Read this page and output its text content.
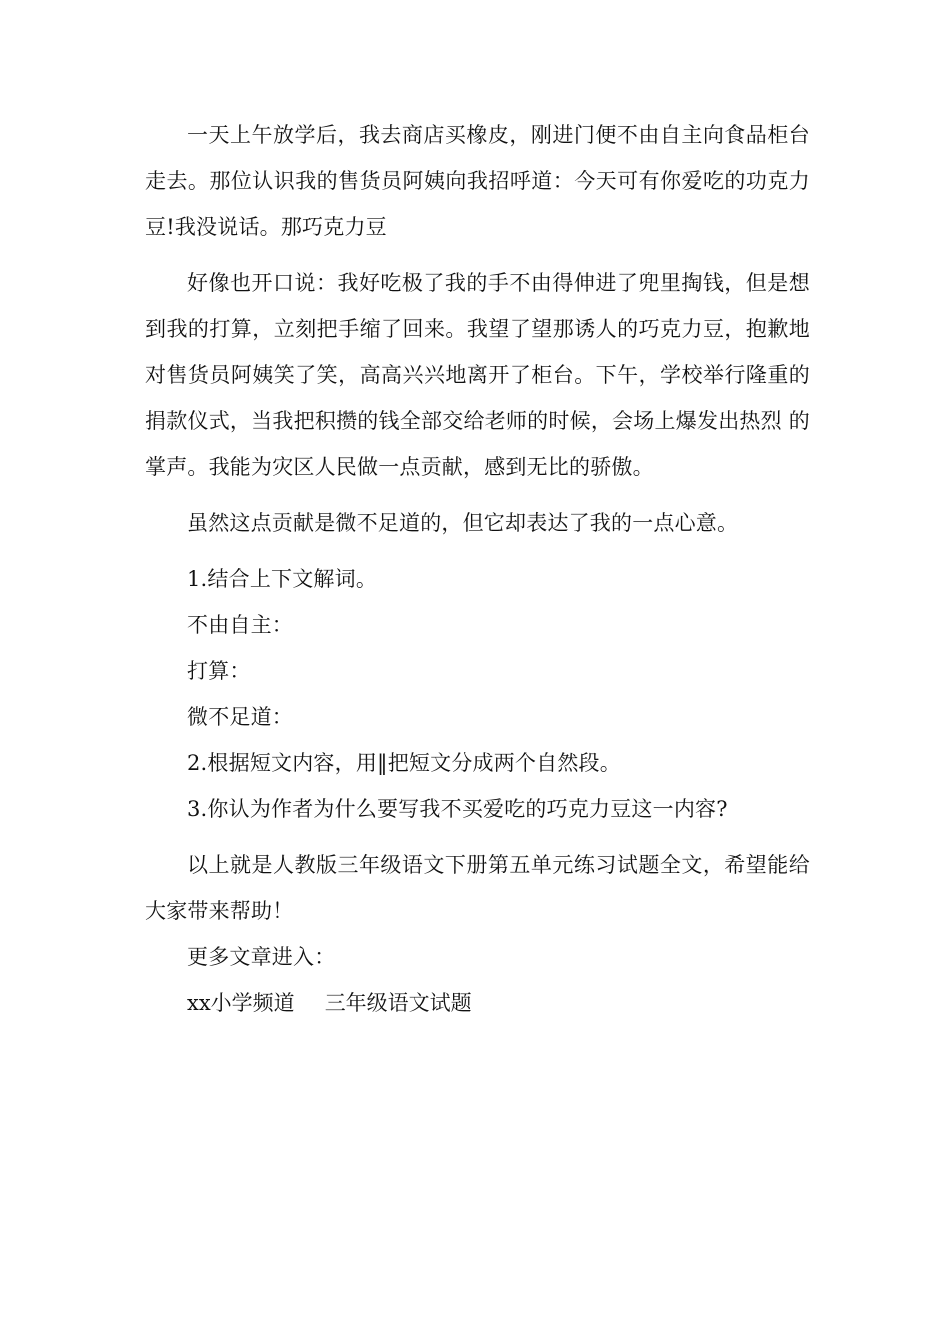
一天上午放学后，我去商店买橡皮，刚进门便不由自主向食品柜台走去。那位认识我的售货员阿姨向我招呼道：今天可有你爱吃的功克力豆!我没说话。那巧克力豆

好像也开口说：我好吃极了我的手不由得伸进了兜里掏钱，但是想到我的打算，立刻把手缩了回来。我望了望那诱人的巧克力豆，抱歉地对售货员阿姨笑了笑，高高兴兴地离开了柜台。下午，学校举行隆重的捐款仪式，当我把积攒的钱全部交给老师的时候，会场上爆发出热烈 的掌声。我能为灾区人民做一点贡献，感到无比的骄傲。

虽然这点贡献是微不足道的，但它却表达了我的一点心意。

1.结合上下文解词。

不由自主：

打算：

微不足道：

2.根据短文内容，用‖把短文分成两个自然段。

3.你认为作者为什么要写我不买爱吃的巧克力豆这一内容?

以上就是人教版三年级语文下册第五单元练习试题全文，希望能给大家带来帮助！

更多文章进入：

xx小学频道 三年级语文试题
